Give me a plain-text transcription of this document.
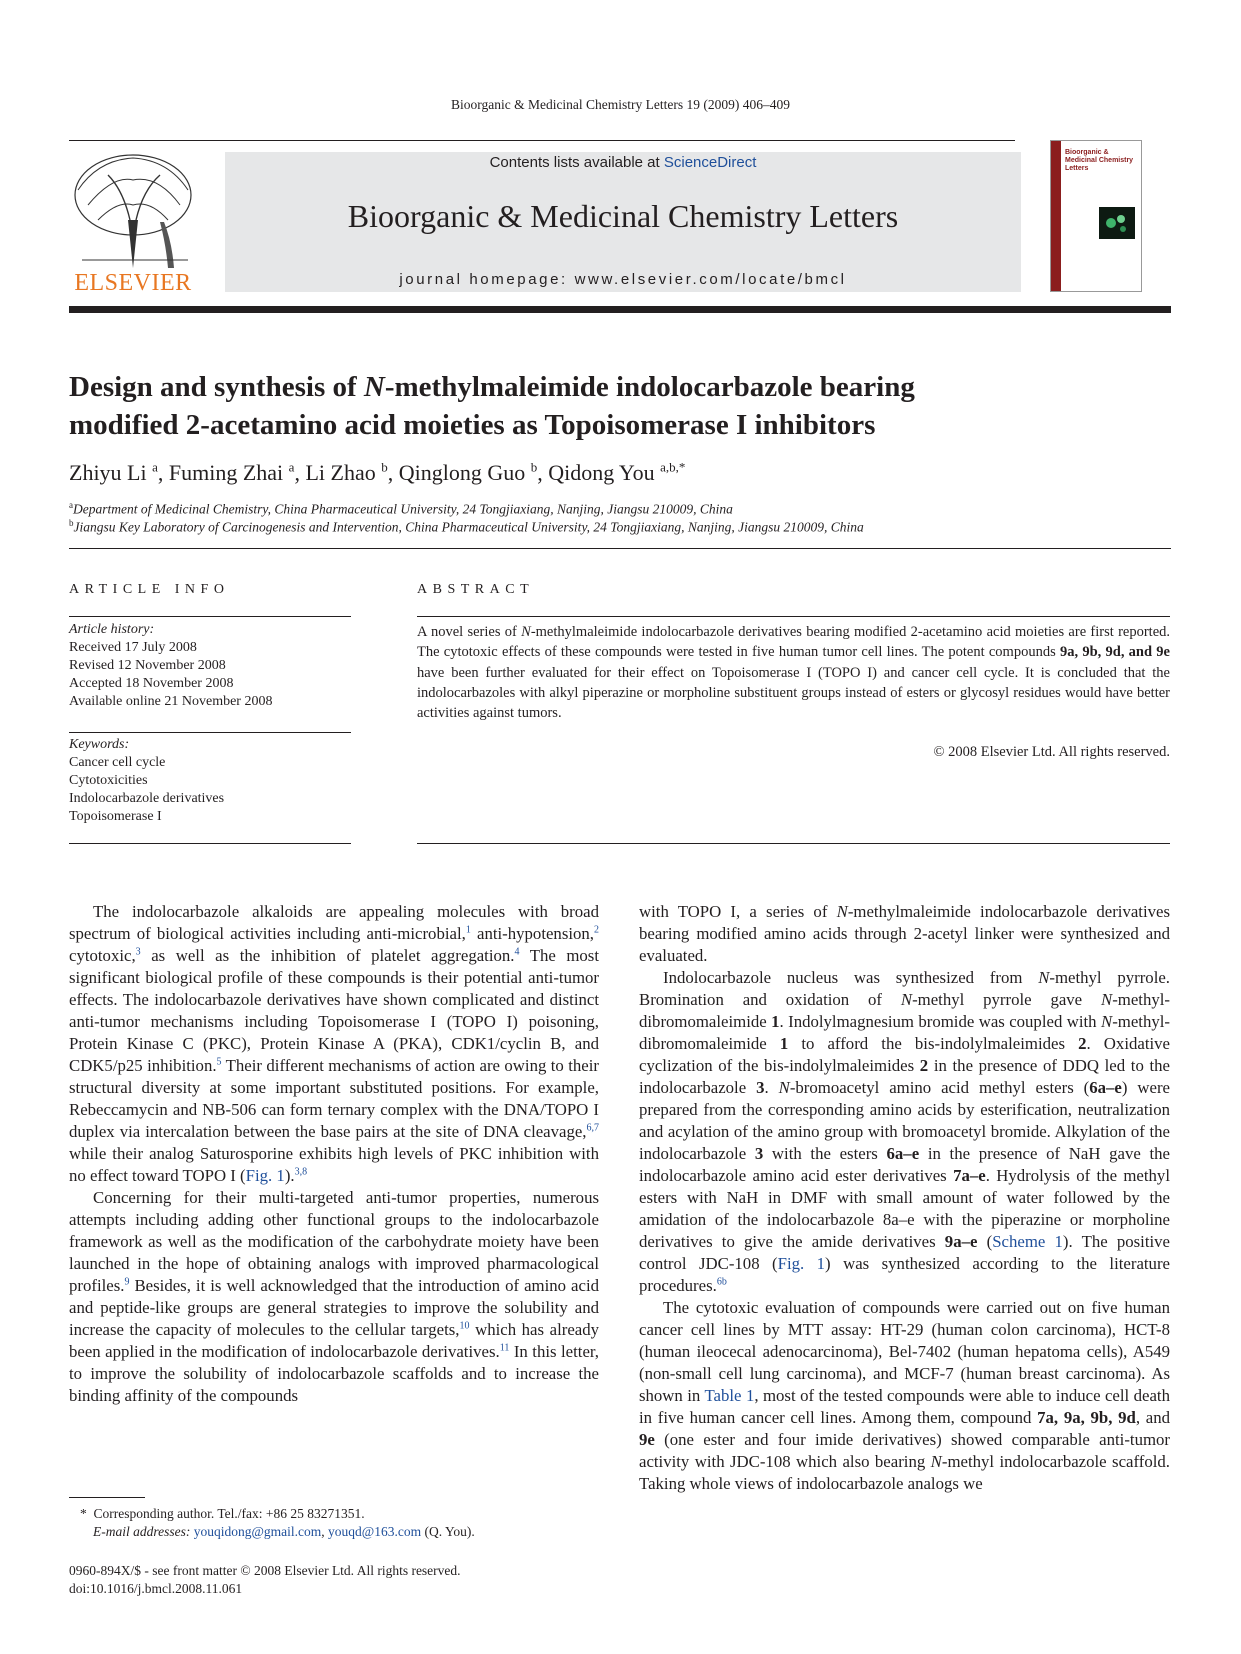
Bioorganic & Medicinal Chemistry Letters 19 (2009) 406–409
ELSEVIER
Contents lists available at ScienceDirect
Bioorganic & Medicinal Chemistry Letters
journal homepage: www.elsevier.com/locate/bmcl
Bioorganic & Medicinal Chemistry Letters
Design and synthesis of N-methylmaleimide indolocarbazole bearing
modified 2-acetamino acid moieties as Topoisomerase I inhibitors
Zhiyu Li $^a$, Fuming Zhai $^a$, Li Zhao $^b$, Qinglong Guo $^b$, Qidong You $^{a,b,*}$
$^a$Department of Medicinal Chemistry, China Pharmaceutical University, 24 Tongjiaxiang, Nanjing, Jiangsu 210009, China
$^b$Jiangsu Key Laboratory of Carcinogenesis and Intervention, China Pharmaceutical University, 24 Tongjiaxiang, Nanjing, Jiangsu 210009, China
ARTICLE INFO
Article history:
Received 17 July 2008
Revised 12 November 2008
Accepted 18 November 2008
Available online 21 November 2008
Keywords:
Cancer cell cycle
Cytotoxicities
Indolocarbazole derivatives
Topoisomerase I
ABSTRACT
A novel series of N-methylmaleimide indolocarbazole derivatives bearing modified 2-acetamino acid moieties are first reported. The cytotoxic effects of these compounds were tested in five human tumor cell lines. The potent compounds 9a, 9b, 9d, and 9e have been further evaluated for their effect on Topoisomerase I (TOPO I) and cancer cell cycle. It is concluded that the indolocarbazoles with alkyl piperazine or morpholine substituent groups instead of esters or glycosyl residues would have better activities against tumors.
© 2008 Elsevier Ltd. All rights reserved.

The indolocarbazole alkaloids are appealing molecules with broad spectrum of biological activities including anti-microbial,$^1$ anti-hypotension,$^2$ cytotoxic,$^3$ as well as the inhibition of platelet aggregation.$^4$ The most significant biological profile of these compounds is their potential anti-tumor effects. The indolocarbazole derivatives have shown complicated and distinct anti-tumor mechanisms including Topoisomerase I (TOPO I) poisoning, Protein Kinase C (PKC), Protein Kinase A (PKA), CDK1/cyclin B, and CDK5/p25 inhibition.$^5$ Their different mechanisms of action are owing to their structural diversity at some important substituted positions. For example, Rebeccamycin and NB-506 can form ternary complex with the DNA/TOPO I duplex via intercalation between the base pairs at the site of DNA cleavage,$^{6,7}$ while their analog Saturosporine exhibits high levels of PKC inhibition with no effect toward TOPO I (Fig. 1).$^{3,8}$

Concerning for their multi-targeted anti-tumor properties, numerous attempts including adding other functional groups to the indolocarbazole framework as well as the modification of the carbohydrate moiety have been launched in the hope of obtaining analogs with improved pharmacological profiles.$^9$ Besides, it is well acknowledged that the introduction of amino acid and peptide-like groups are general strategies to improve the solubility and increase the capacity of molecules to the cellular targets,$^{10}$ which has already been applied in the modification of indolocarbazole derivatives.$^{11}$ In this letter, to improve the solubility of indolocarbazole scaffolds and to increase the binding affinity of the compounds

with TOPO I, a series of N-methylmaleimide indolocarbazole derivatives bearing modified amino acids through 2-acetyl linker were synthesized and evaluated.

Indolocarbazole nucleus was synthesized from N-methyl pyrrole. Bromination and oxidation of N-methyl pyrrole gave N-methyl-dibromomaleimide 1. Indolylmagnesium bromide was coupled with N-methyl-dibromomaleimide 1 to afford the bis-indolylmaleimides 2. Oxidative cyclization of the bis-indolylmaleimides 2 in the presence of DDQ led to the indolocarbazole 3. N-bromoacetyl amino acid methyl esters (6a–e) were prepared from the corresponding amino acids by esterification, neutralization and acylation of the amino group with bromoacetyl bromide. Alkylation of the indolocarbazole 3 with the esters 6a–e in the presence of NaH gave the indolocarbazole amino acid ester derivatives 7a–e. Hydrolysis of the methyl esters with NaH in DMF with small amount of water followed by the amidation of the indolocarbazole 8a–e with the piperazine or morpholine derivatives to give the amide derivatives 9a–e (Scheme 1). The positive control JDC-108 (Fig. 1) was synthesized according to the literature procedures.$^{6b}$

The cytotoxic evaluation of compounds were carried out on five human cancer cell lines by MTT assay: HT-29 (human colon carcinoma), HCT-8 (human ileocecal adenocarcinoma), Bel-7402 (human hepatoma cells), A549 (non-small cell lung carcinoma), and MCF-7 (human breast carcinoma). As shown in Table 1, most of the tested compounds were able to induce cell death in five human cancer cell lines. Among them, compound 7a, 9a, 9b, 9d, and 9e (one ester and four imide derivatives) showed comparable anti-tumor activity with JDC-108 which also bearing N-methyl indolocarbazole scaffold. Taking whole views of indolocarbazole analogs we

* Corresponding author. Tel./fax: +86 25 83271351.
E-mail addresses: youqidong@gmail.com, youqd@163.com (Q. You).
0960-894X/$ - see front matter © 2008 Elsevier Ltd. All rights reserved.
doi:10.1016/j.bmcl.2008.11.061
